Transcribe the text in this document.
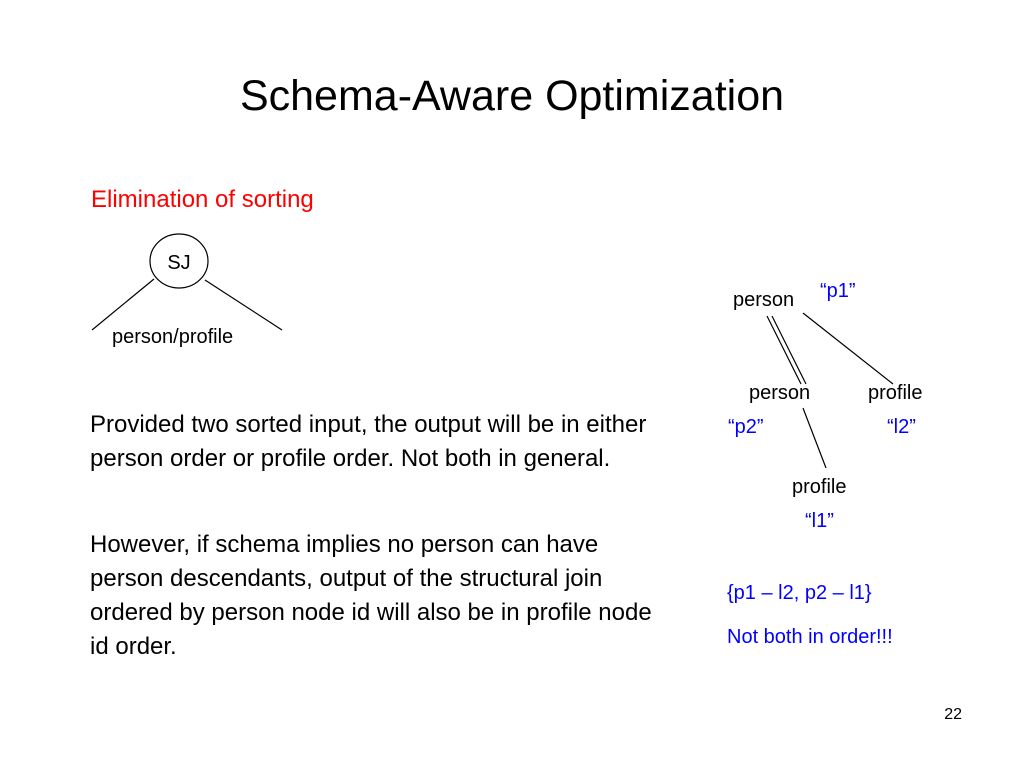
Schema-Aware Optimization
Elimination of sorting
SJ
person/profile
person “p1”
person
“p2”
profile
“l2”
profile
“l1”

Provided two sorted input, the output will be in either person order or profile order. Not both in general.

However, if schema implies no person can have person descendants, output of the structural join ordered by person node id will also be in profile node id order.

{p1 – l2, p2 – l1}
Not both in order!!!
22
